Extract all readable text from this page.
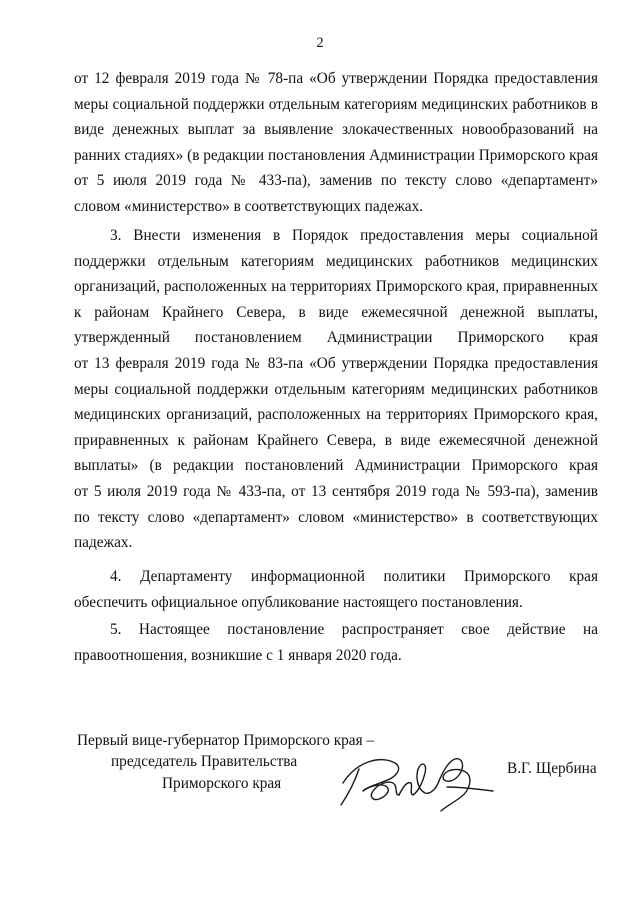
2
от 12 февраля 2019 года № 78-па «Об утверждении Порядка предоставления
меры социальной поддержки отдельным категориям медицинских работников в
виде денежных выплат за выявление злокачественных новообразований на
ранних стадиях» (в редакции постановления Администрации Приморского края
от 5 июля 2019 года № 433-па), заменив по тексту слово «департамент»
словом «министерство» в соответствующих падежах.
3. Внести изменения в Порядок предоставления меры социальной
поддержки отдельным категориям медицинских работников медицинских
организаций, расположенных на территориях Приморского края, приравненных
к районам Крайнего Севера, в виде ежемесячной денежной выплаты,
утвержденный постановлением Администрации Приморского края
от 13 февраля 2019 года № 83-па «Об утверждении Порядка предоставления
меры социальной поддержки отдельным категориям медицинских работников
медицинских организаций, расположенных на территориях Приморского края,
приравненных к районам Крайнего Севера, в виде ежемесячной денежной
выплаты» (в редакции постановлений Администрации Приморского края
от 5 июля 2019 года № 433-па, от 13 сентября 2019 года № 593-па), заменив
по тексту слово «департамент» словом «министерство» в соответствующих
падежах.
4. Департаменту информационной политики Приморского края
обеспечить официальное опубликование настоящего постановления.
5. Настоящее постановление распространяет свое действие на
правоотношения, возникшие с 1 января 2020 года.
Первый вице-губернатор Приморского края –
председатель Правительства
Приморского края
В.Г. Щербина
